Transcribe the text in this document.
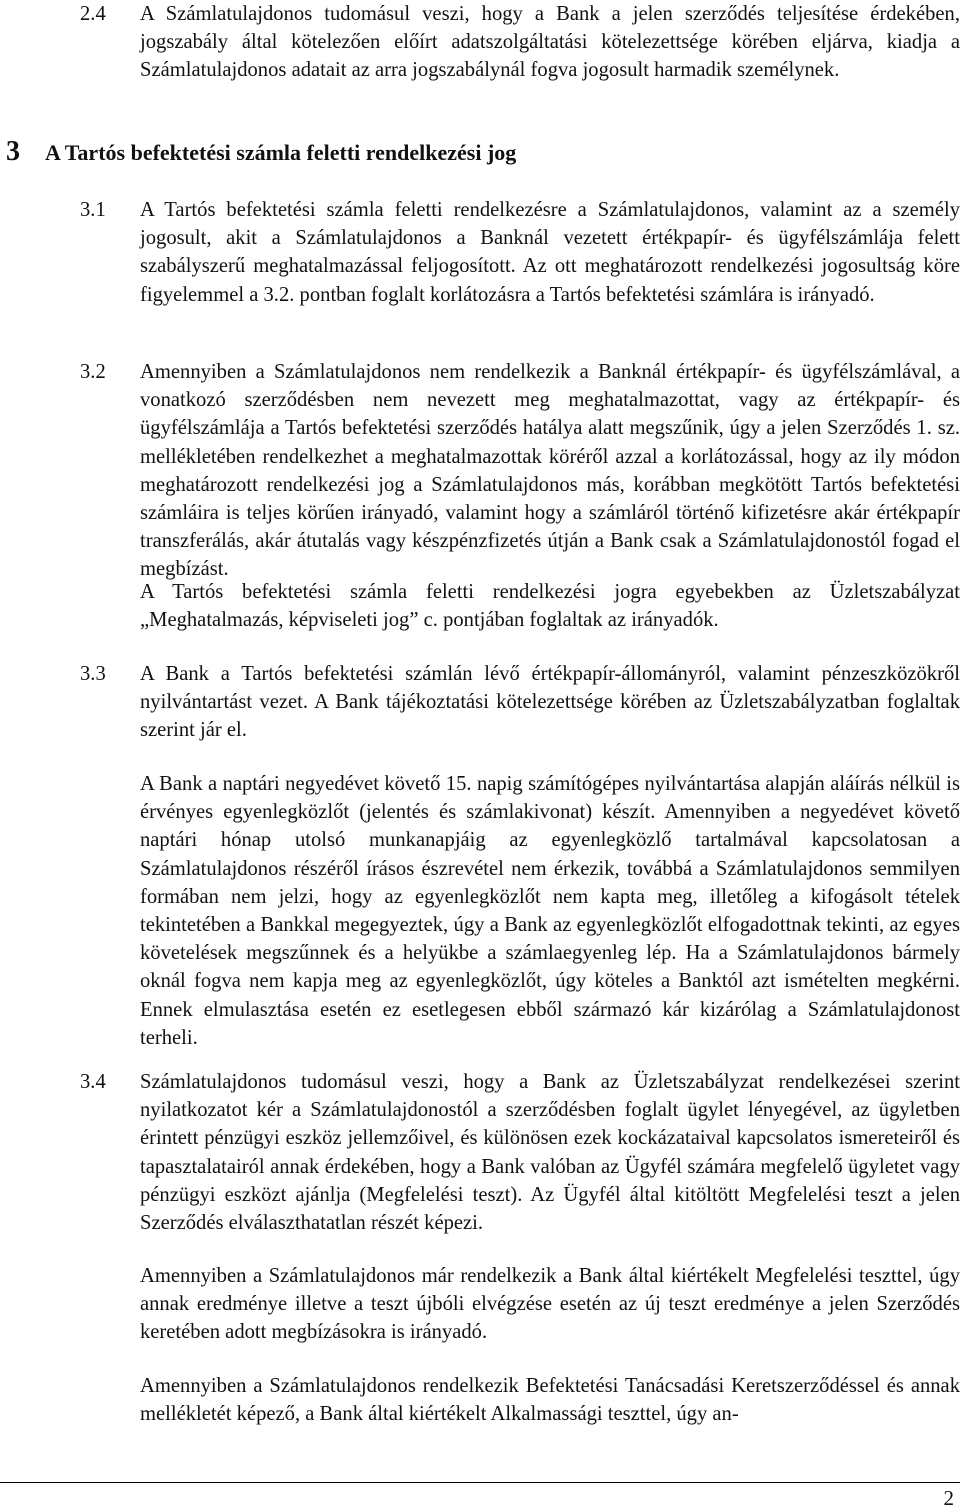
2.4	A Számlatulajdonos tudomásul veszi, hogy a Bank a jelen szerződés teljesítése érdekében, jogszabály által kötelezően előírt adatszolgáltatási kötelezettsége körében eljárva, kiadja a Számlatulajdonos adatait az arra jogszabálynál fogva jogosult harmadik személynek.
3 A Tartós befektetési számla feletti rendelkezési jog
3.1	A Tartós befektetési számla feletti rendelkezésre a Számlatulajdonos, valamint az a személy jogosult, akit a Számlatulajdonos a Banknál vezetett értékpapír- és ügyfélszámlája felett szabályszerű meghatalmazással feljogosított. Az ott meghatározott rendelkezési jogosultság köre figyelemmel a 3.2. pontban foglalt korlátozásra a Tartós befektetési számlára is irányadó.
3.2	Amennyiben a Számlatulajdonos nem rendelkezik a Banknál értékpapír- és ügyfélszámlával, a vonatkozó szerződésben nem nevezett meg meghatalmazottat, vagy az értékpapír- és ügyfélszámlája a Tartós befektetési szerződés hatálya alatt megszűnik, úgy a jelen Szerződés 1. sz. mellékletében rendelkezhet a meghatalmazottak köréről azzal a korlátozással, hogy az ily módon meghatározott rendelkezési jog a Számlatulajdonos más, korábban megkötött Tartós befektetési számláira is teljes körűen irányadó, valamint hogy a számláról történő kifizetésre akár értékpapír transzferálás, akár átutalás vagy készpénzfizetés útján a Bank csak a Számlatulajdonostól fogad el megbízást.
A Tartós befektetési számla feletti rendelkezési jogra egyebekben az Üzletszabályzat „Meghatalmazás, képviseleti jog” c. pontjában foglaltak az irányadók.
3.3	A Bank a Tartós befektetési számlán lévő értékpapír-állományról, valamint pénzeszközökről nyilvántartást vezet. A Bank tájékoztatási kötelezettsége körében az Üzletszabályzatban foglaltak szerint jár el.
A Bank a naptári negyedévet követő 15. napig számítógépes nyilvántartása alapján aláírás nélkül is érvényes egyenlegközlőt (jelentés és számlakivonat) készít. Amennyiben a negyedévet követő naptári hónap utolsó munkanapjáig az egyenlegközlő tartalmával kapcsolatosan a Számlatulajdonos részéről írásos észrevétel nem érkezik, továbbá a Számlatulajdonos semmilyen formában nem jelzi, hogy az egyenlegközlőt nem kapta meg, illetőleg a kifogásolt tételek tekintetében a Bankkal megegyeztek, úgy a Bank az egyenlegközlőt elfogadottnak tekinti, az egyes követelések megszűnnek és a helyükbe a számlaegyenleg lép. Ha a Számlatulajdonos bármely oknál fogva nem kapja meg az egyenlegközlőt, úgy köteles a Banktól azt ismételten megkérni. Ennek elmulasztása esetén ez esetlegesen ebből származó kár kizárólag a Számlatulajdonost terheli.
3.4	Számlatulajdonos tudomásul veszi, hogy a Bank az Üzletszabályzat rendelkezései szerint nyilatkozatot kér a Számlatulajdonostól a szerződésben foglalt ügylet lényegével, az ügyletben érintett pénzügyi eszköz jellemzőivel, és különösen ezek kockázataival kapcsolatos ismereteiről és tapasztalatairól annak érdekében, hogy a Bank valóban az Ügyfél számára megfelelő ügyletet vagy pénzügyi eszközt ajánlja (Megfelelési teszt). Az Ügyfél által kitöltött Megfelelési teszt a jelen Szerződés elválaszthatatlan részét képezi.
Amennyiben a Számlatulajdonos már rendelkezik a Bank által kiértékelt Megfelelési teszttel, úgy annak eredménye illetve a teszt újbóli elvégzése esetén az új teszt eredménye a jelen Szerződés keretében adott megbízásokra is irányadó.
Amennyiben a Számlatulajdonos rendelkezik Befektetési Tanácsadási Keretszerződéssel és annak mellékletét képező, a Bank által kiértékelt Alkalmassági teszttel, úgy an-
2
